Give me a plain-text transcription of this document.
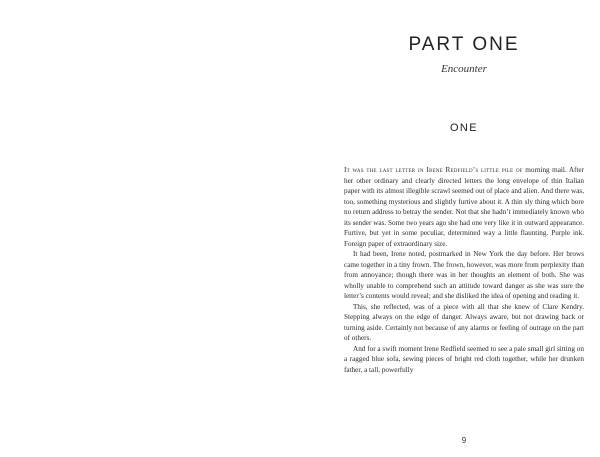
PART ONE
Encounter
ONE

It was the last letter in Irene Redfield’s little pile of morning mail. After her other ordinary and clearly directed letters the long envelope of thin Italian paper with its almost illegible scrawl seemed out of place and alien. And there was, too, something mysterious and slightly furtive about it. A thin sly thing which bore no return address to betray the sender. Not that she hadn’t immediately known who its sender was. Some two years ago she had one very like it in outward appearance. Furtive, but yet in some peculiar, determined way a little flaunting. Purple ink. Foreign paper of extraordinary size.

It had been, Irene noted, postmarked in New York the day before. Her brows came together in a tiny frown. The frown, however, was more from perplexity than from annoyance; though there was in her thoughts an element of both. She was wholly unable to comprehend such an attitude toward danger as she was sure the letter’s contents would reveal; and she disliked the idea of opening and reading it.

This, she reflected, was of a piece with all that she knew of Clare Kendry. Stepping always on the edge of danger. Always aware, but not drawing back or turning aside. Certainly not because of any alarms or feeling of outrage on the part of others.

And for a swift moment Irene Redfield seemed to see a pale small girl sitting on a ragged blue sofa, sewing pieces of bright red cloth together, while her drunken father, a tall, powerfully

9
